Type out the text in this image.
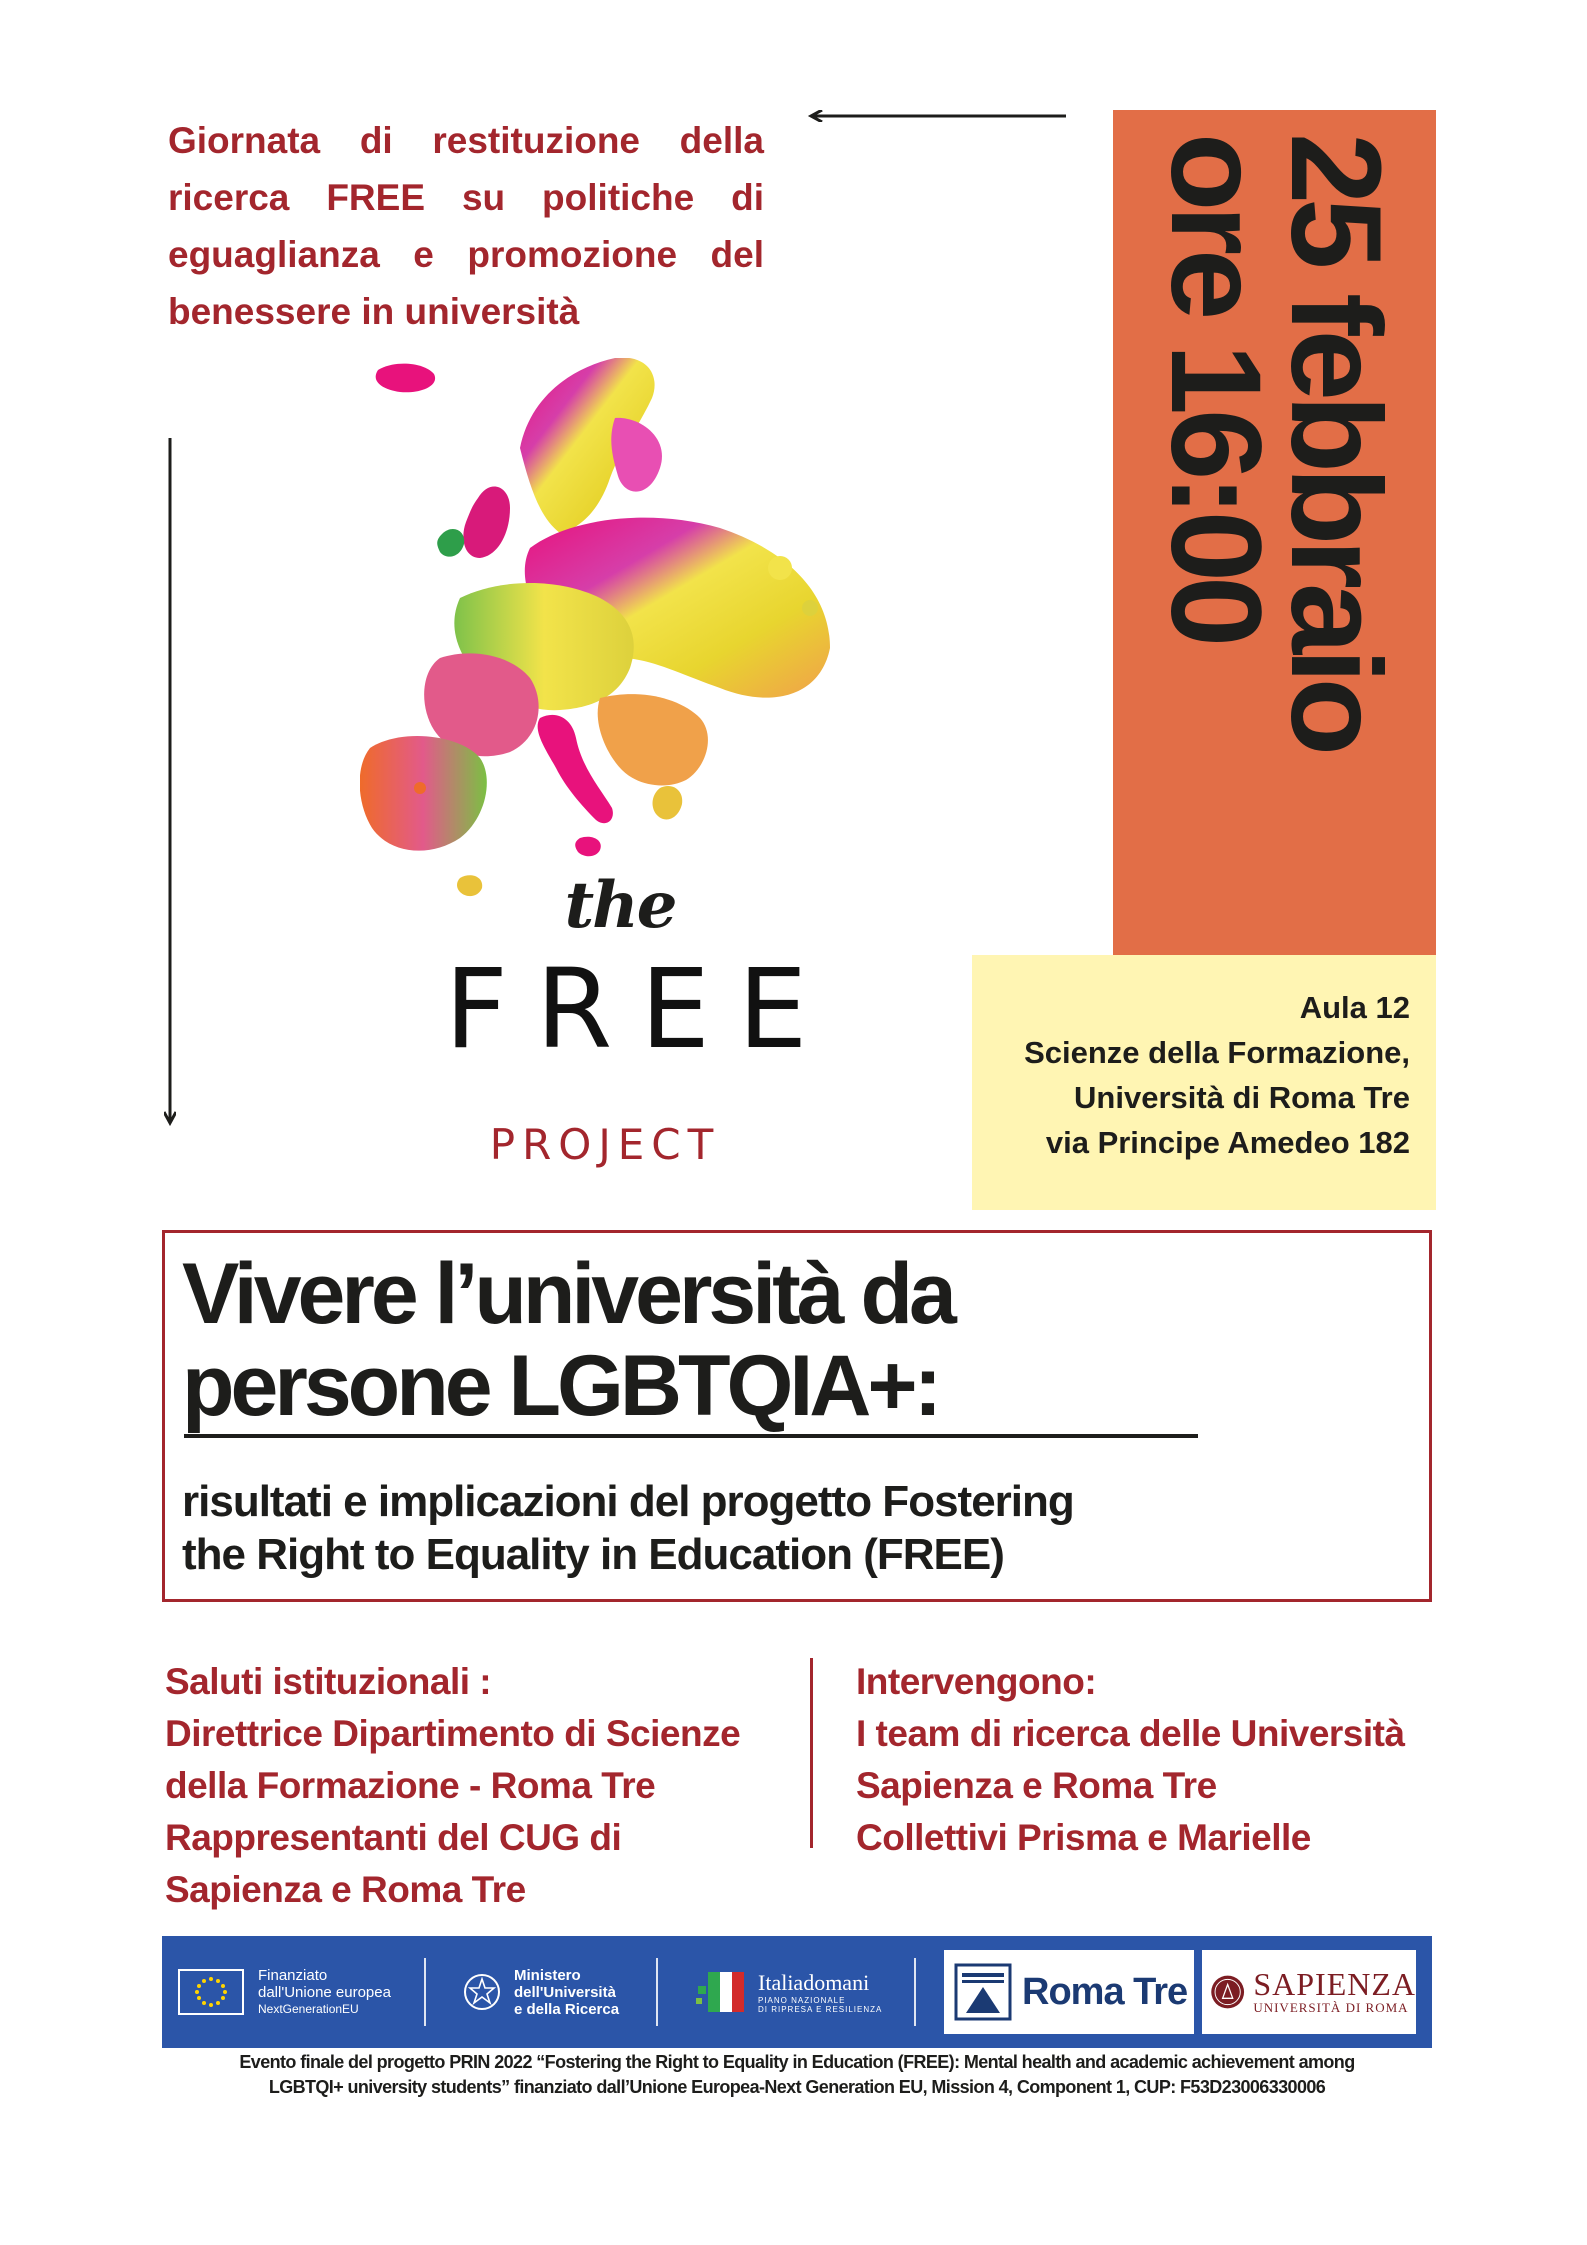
Giornata di restituzione della ricerca FREE su politiche di eguaglianza e promozione del benessere in università	25 febbraio
ore 16:00
Aula 12
Scienze della Formazione,
Università di Roma Tre
via Principe Amedeo 182
the
FREE
PROJECT
Vivere l’università da
persone LGBTQIA+:
risultati e implicazioni del progetto Fostering
the Right to Equality in Education (FREE)
Saluti istituzionali :
Direttrice Dipartimento di Scienze
della Formazione - Roma Tre
Rappresentanti del CUG di
Sapienza e Roma Tre
Intervengono:
I team di ricerca delle Università
Sapienza e Roma Tre
Collettivi Prisma e Marielle
Finanziato
dall'Unione europea
NextGenerationEU
Ministero
dell'Università
e della Ricerca
Italiadomani
PIANO NAZIONALE
DI RIPRESA E RESILIENZA	Roma Tre SAPIENZA
UNIVERSITÀ DI ROMA
Evento finale del progetto PRIN 2022 “Fostering the Right to Equality in Education (FREE): Mental health and academic achievement among
LGBTQI+ university students” finanziato dall’Unione Europea-Next Generation EU, Mission 4, Component 1, CUP: F53D23006330006
